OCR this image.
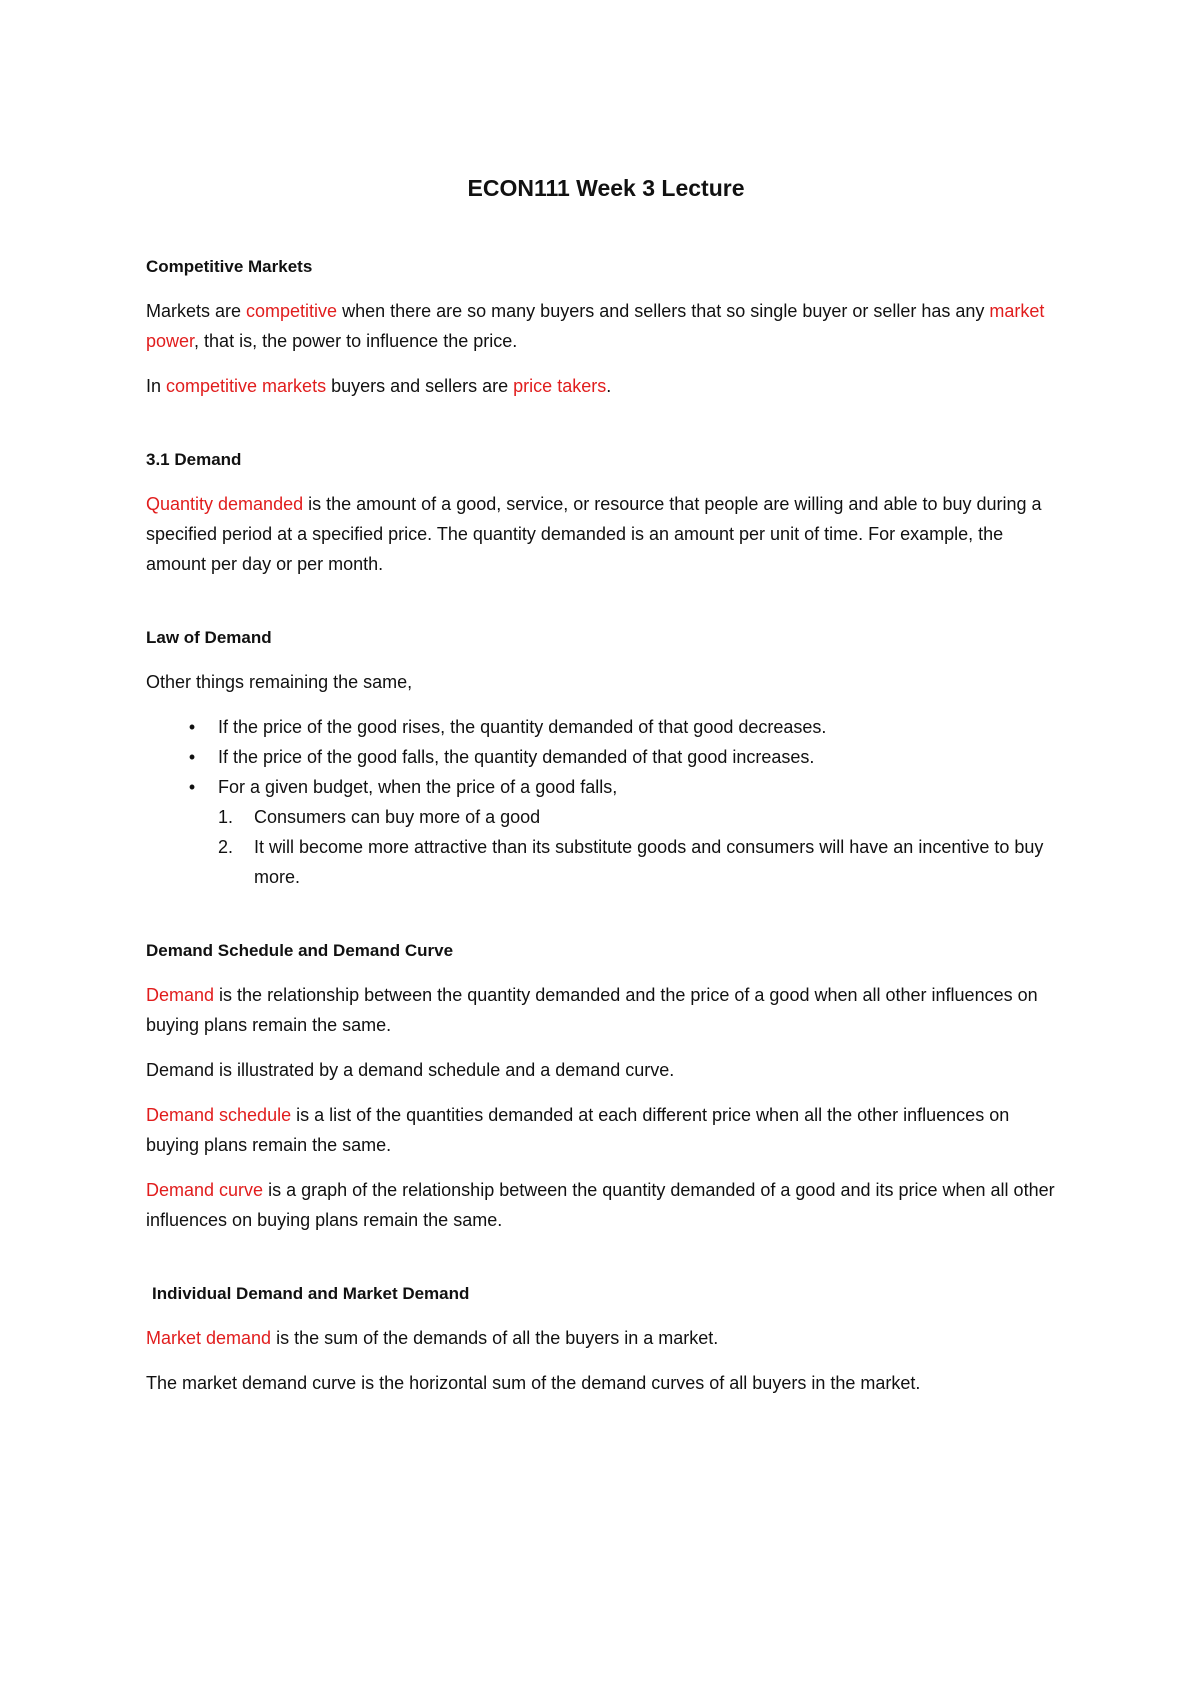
ECON111 Week 3 Lecture
Competitive Markets

Markets are competitive when there are so many buyers and sellers that so single buyer or seller has any market power, that is, the power to influence the price.

In competitive markets buyers and sellers are price takers.

3.1 Demand

Quantity demanded is the amount of a good, service, or resource that people are willing and able to buy during a specified period at a specified price. The quantity demanded is an amount per unit of time. For example, the amount per day or per month.

Law of Demand

Other things remaining the same,

•	If the price of the good rises, the quantity demanded of that good decreases.
•	If the price of the good falls, the quantity demanded of that good increases.
•	For a given budget, when the price of a good falls,
1. Consumers can buy more of a good
2. It will become more attractive than its substitute goods and consumers will have an incentive to buy more.
Demand Schedule and Demand Curve

Demand is the relationship between the quantity demanded and the price of a good when all other influences on buying plans remain the same.

Demand is illustrated by a demand schedule and a demand curve.

Demand schedule is a list of the quantities demanded at each different price when all the other influences on buying plans remain the same.

Demand curve is a graph of the relationship between the quantity demanded of a good and its price when all other influences on buying plans remain the same.

Individual Demand and Market Demand

Market demand is the sum of the demands of all the buyers in a market.

The market demand curve is the horizontal sum of the demand curves of all buyers in the market.
